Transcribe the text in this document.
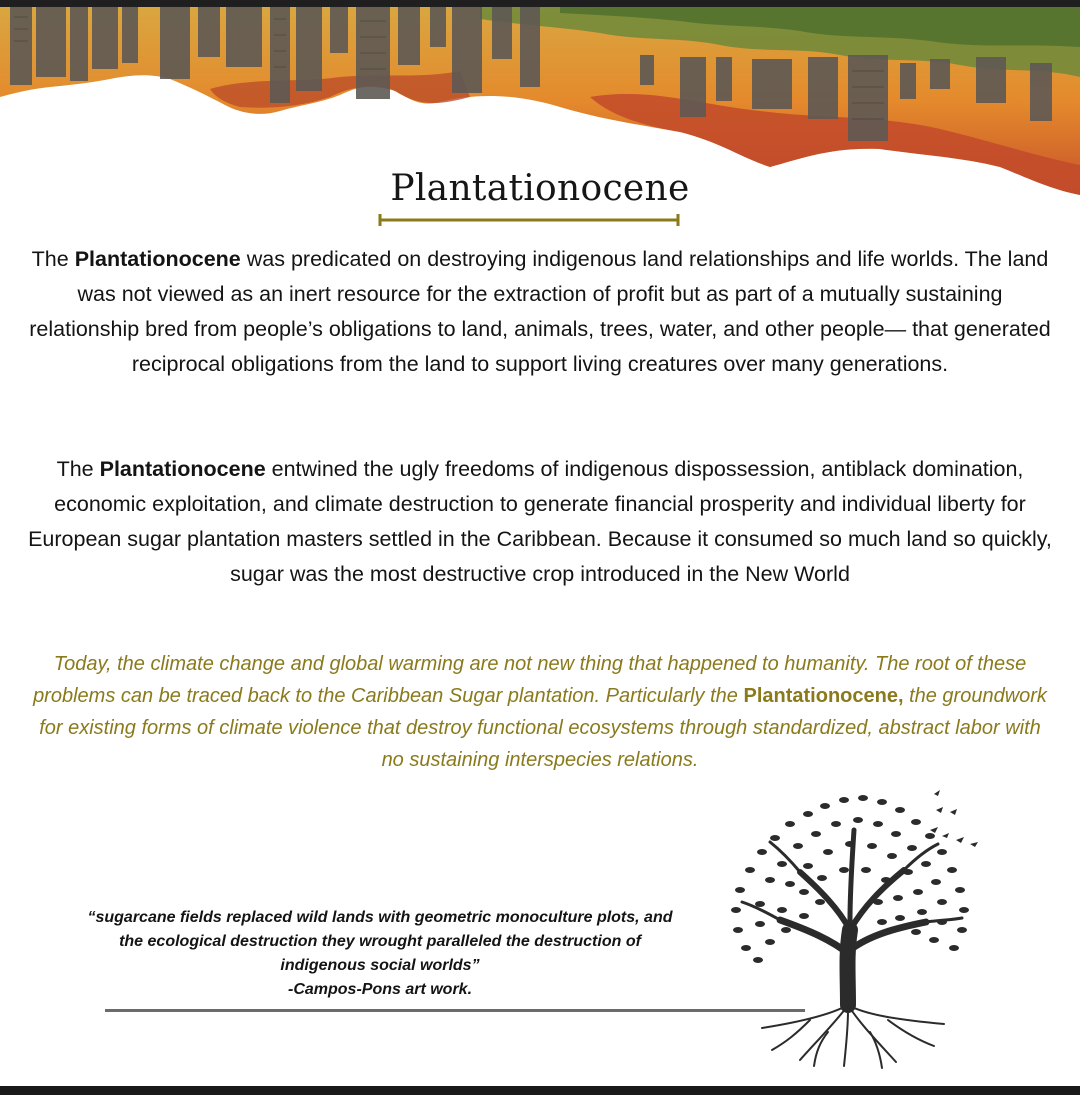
Plantationocene

The Plantationocene was predicated on destroying indigenous land relationships and life worlds. The land was not viewed as an inert resource for the extraction of profit but as part of a mutually sustaining relationship bred from people’s obligations to land, animals, trees, water, and other people— that generated reciprocal obligations from the land to support living creatures over many generations.

The Plantationocene entwined the ugly freedoms of indigenous dispossession, antiblack domination, economic exploitation, and climate destruction to generate financial prosperity and individual liberty for European sugar plantation masters settled in the Caribbean. Because it consumed so much land so quickly, sugar was the most destructive crop introduced in the New World

Today, the climate change and global warming are not new thing that happened to humanity. The root of these problems can be traced back to the Caribbean Sugar plantation. Particularly the Plantationocene, the groundwork for existing forms of climate violence that destroy functional ecosystems through standardized, abstract labor with no sustaining interspecies relations.

“sugarcane fields replaced wild lands with geometric monoculture plots, and
the ecological destruction they wrought paralleled the destruction of
indigenous social worlds”
-Campos-Pons art work.
